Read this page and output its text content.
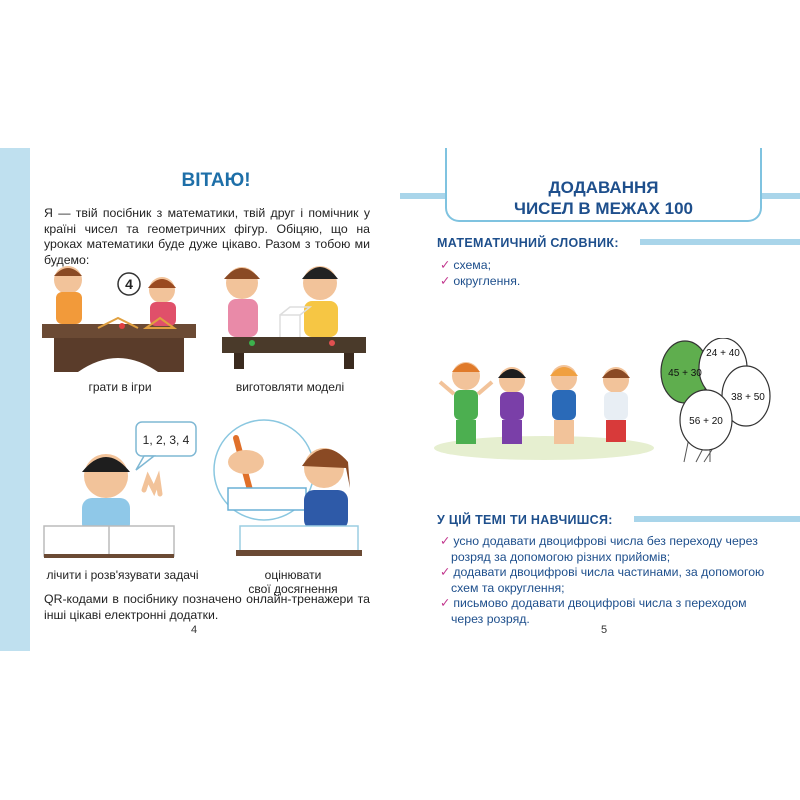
ВІТАЮ!
Я — твій посібник з математики, твій друг і помічник у країні чисел та геометричних фігур. Обіцяю, що на уроках математики буде дуже цікаво. Разом з тобою ми будемо:
4
грати в ігри	виготовляти моделі
1, 2, 3, 4
лічити і розв'язувати задачі	оцінювати
свої досягнення
QR-кодами в посібнику позначено онлайн-тренажери та інші цікаві електронні додатки.
4
ДОДАВАННЯ
ЧИСЕЛ В МЕЖАХ 100
МАТЕМАТИЧНИЙ СЛОВНИК:
✓ схема;
✓ округлення.
45 + 30
24 + 40
38 + 50
56 + 20
У ЦІЙ ТЕМІ ТИ НАВЧИШСЯ:
✓ усно додавати двоцифрові числа без переходу через
розряд за допомогою різних прийомів;
✓ додавати двоцифрові числа частинами, за допомогою
схем та округлення;
✓ письмово додавати двоцифрові числа з переходом
через розряд.
5
